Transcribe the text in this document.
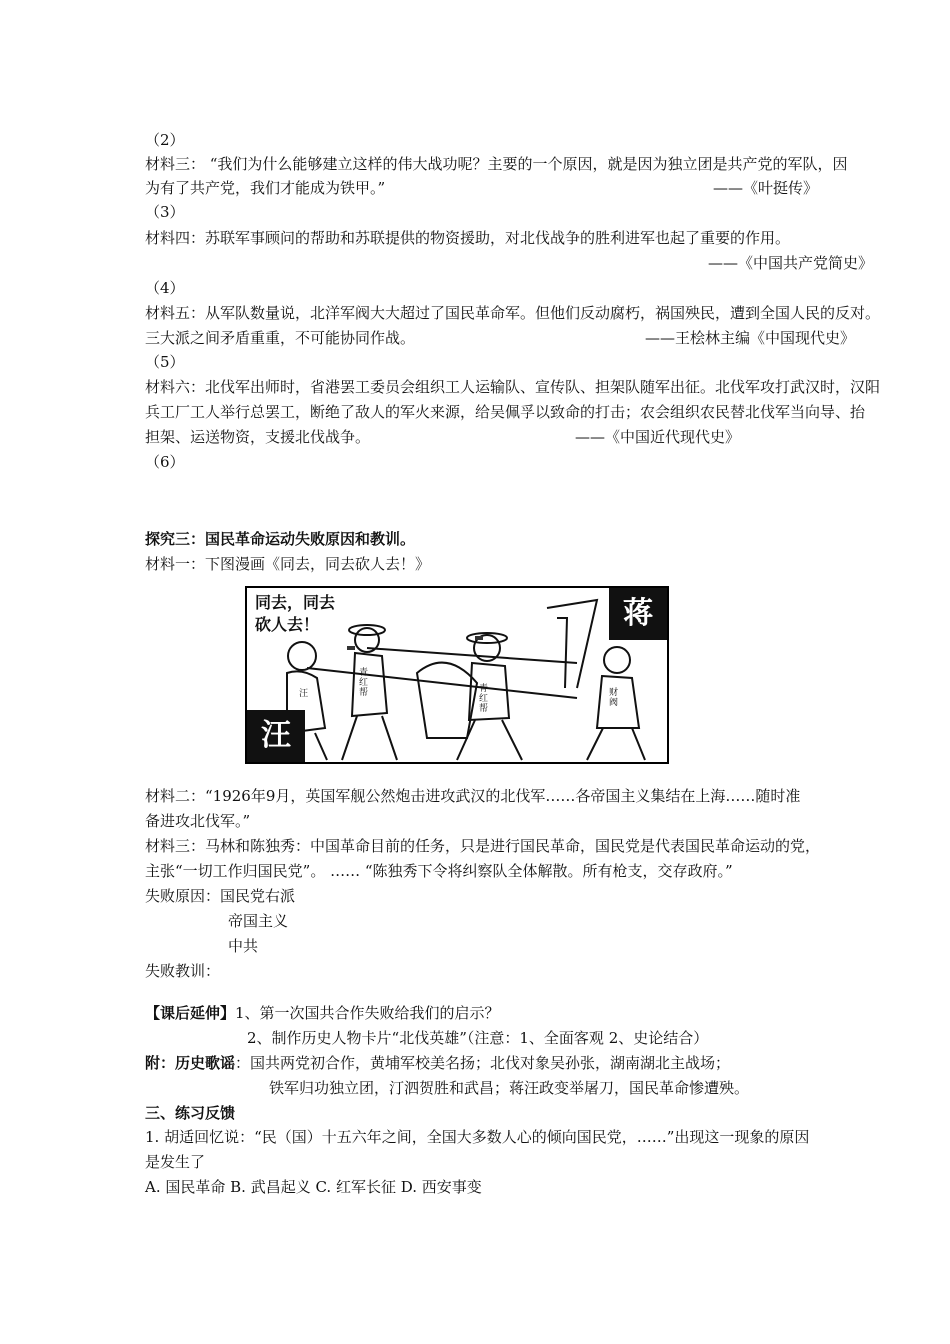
（2）
材料三： “我们为什么能够建立这样的伟大战功呢？主要的一个原因，就是因为独立团是共产党的军队，因
为有了共产党，我们才能成为铁甲。”	——《叶挺传》
（3）
材料四：苏联军事顾问的帮助和苏联提供的物资援助，对北伐战争的胜利进军也起了重要的作用。
——《中国共产党简史》
（4）
材料五：从军队数量说，北洋军阀大大超过了国民革命军。但他们反动腐朽，祸国殃民，遭到全国人民的反对。
三大派之间矛盾重重，不可能协同作战。	——王桧林主编《中国现代史》
（5）
材料六：北伐军出师时，省港罢工委员会组织工人运输队、宣传队、担架队随军出征。北伐军攻打武汉时，汉阳
兵工厂工人举行总罢工，断绝了敌人的军火来源，给吴佩孚以致命的打击；农会组织农民替北伐军当向导、抬
担架、运送物资，支援北伐战争。	——《中国近代现代史》
（6）
探究三：国民革命运动失败原因和教训。
材料一：下图漫画《同去，同去砍人去！》
同去，同去
砍人去！	蒋
汪
汪
青红帮	青红帮
财阀
材料二：“1926年9月，英国军舰公然炮击进攻武汉的北伐军……各帝国主义集结在上海……随时准
备进攻北伐军。”
材料三：马林和陈独秀：中国革命目前的任务，只是进行国民革命，国民党是代表国民革命运动的党，
主张“一切工作归国民党”。 …… “陈独秀下令将纠察队全体解散。所有枪支，交存政府。”
失败原因：国民党右派
帝国主义
中共
失败教训：
【课后延伸】1、第一次国共合作失败给我们的启示？
2、制作历史人物卡片“北伐英雄”（注意：1、全面客观 2、史论结合）
附：历史歌谣：国共两党初合作，黄埔军校美名扬；北伐对象吴孙张，湖南湖北主战场；
铁军归功独立团，汀泗贺胜和武昌；蒋汪政变举屠刀，国民革命惨遭殃。
三、练习反馈
1. 胡适回忆说：“民（国）十五六年之间，全国大多数人心的倾向国民党，……”出现这一现象的原因
是发生了
A. 国民革命 B. 武昌起义 C. 红军长征 D. 西安事变
